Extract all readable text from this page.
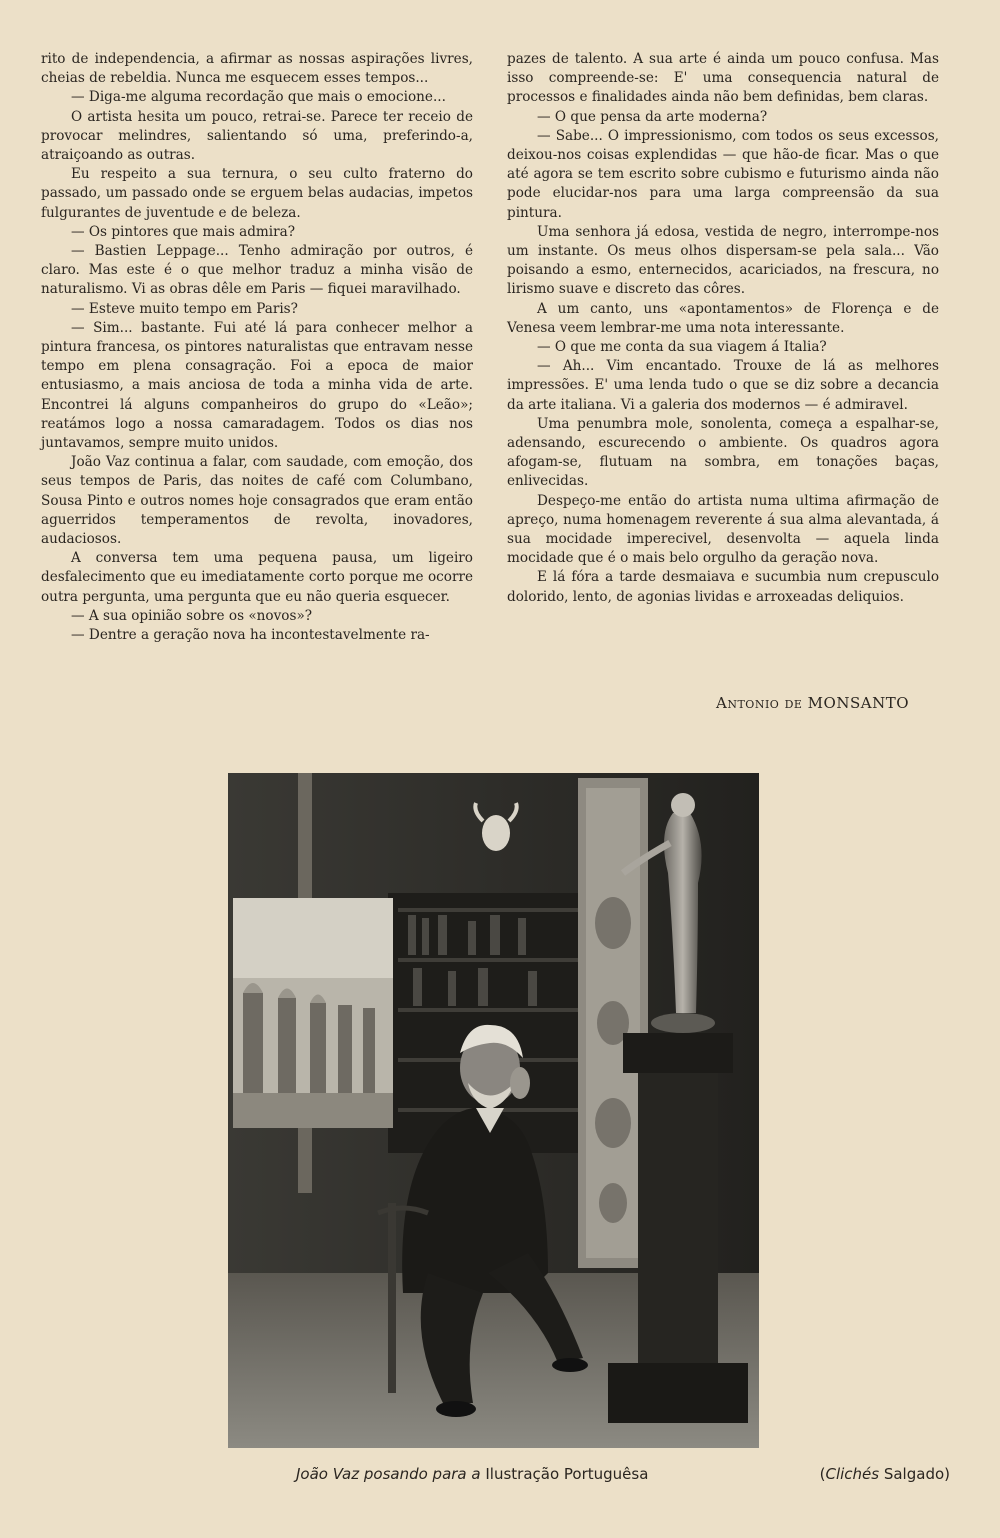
rito de independencia, a afirmar as nossas aspirações livres, cheias de rebeldia. Nunca me esquecem esses tempos...

— Diga-me alguma recordação que mais o emocione...

O artista hesita um pouco, retrai-se. Parece ter receio de provocar melindres, salientando só uma, preferindo-a, atraiçoando as outras.

Eu respeito a sua ternura, o seu culto fraterno do passado, um passado onde se erguem belas audacias, impetos fulgurantes de juventude e de beleza.

— Os pintores que mais admira?

— Bastien Leppage... Tenho admiração por outros, é claro. Mas este é o que melhor traduz a minha visão de naturalismo. Vi as obras dêle em Paris — fiquei maravilhado.

— Esteve muito tempo em Paris?

— Sim... bastante. Fui até lá para conhecer melhor a pintura francesa, os pintores naturalistas que entravam nesse tempo em plena consagração. Foi a epoca de maior entusiasmo, a mais anciosa de toda a minha vida de arte. Encontrei lá alguns companheiros do grupo do «Leão»; reatámos logo a nossa camaradagem. Todos os dias nos juntavamos, sempre muito unidos.

João Vaz continua a falar, com saudade, com emoção, dos seus tempos de Paris, das noites de café com Columbano, Sousa Pinto e outros nomes hoje consagrados que eram então aguerridos temperamentos de revolta, inovadores, audaciosos.

A conversa tem uma pequena pausa, um ligeiro desfalecimento que eu imediatamente corto porque me ocorre outra pergunta, uma pergunta que eu não queria esquecer.

— A sua opinião sobre os «novos»?

— Dentre a geração nova ha incontestavelmente ra-

pazes de talento. A sua arte é ainda um pouco confusa. Mas isso compreende-se: E' uma consequencia natural de processos e finalidades ainda não bem definidas, bem claras.

— O que pensa da arte moderna?

— Sabe... O impressionismo, com todos os seus excessos, deixou-nos coisas explendidas — que hão-de ficar. Mas o que até agora se tem escrito sobre cubismo e futurismo ainda não pode elucidar-nos para uma larga compreensão da sua pintura.

Uma senhora já edosa, vestida de negro, interrompe-nos um instante. Os meus olhos dispersam-se pela sala... Vão poisando a esmo, enternecidos, acariciados, na frescura, no lirismo suave e discreto das côres.

A um canto, uns «apontamentos» de Florença e de Venesa veem lembrar-me uma nota interessante.

— O que me conta da sua viagem á Italia?

— Ah... Vim encantado. Trouxe de lá as melhores impressões. E' uma lenda tudo o que se diz sobre a decancia da arte italiana. Vi a galeria dos modernos — é admiravel.

Uma penumbra mole, sonolenta, começa a espalhar-se, adensando, escurecendo o ambiente. Os quadros agora afogam-se, flutuam na sombra, em tonações baças, enlivecidas.

Despeço-me então do artista numa ultima afirmação de apreço, numa homenagem reverente á sua alma alevantada, á sua mocidade imperecivel, desenvolta — aquela linda mocidade que é o mais belo orgulho da geração nova.

E lá fóra a tarde desmaiava e sucumbia num crepusculo dolorido, lento, de agonias lividas e arroxeadas deliquios.

Antonio de MONSANTO
João Vaz posando para a Ilustração Portuguêsa	(Clichés Salgado)
